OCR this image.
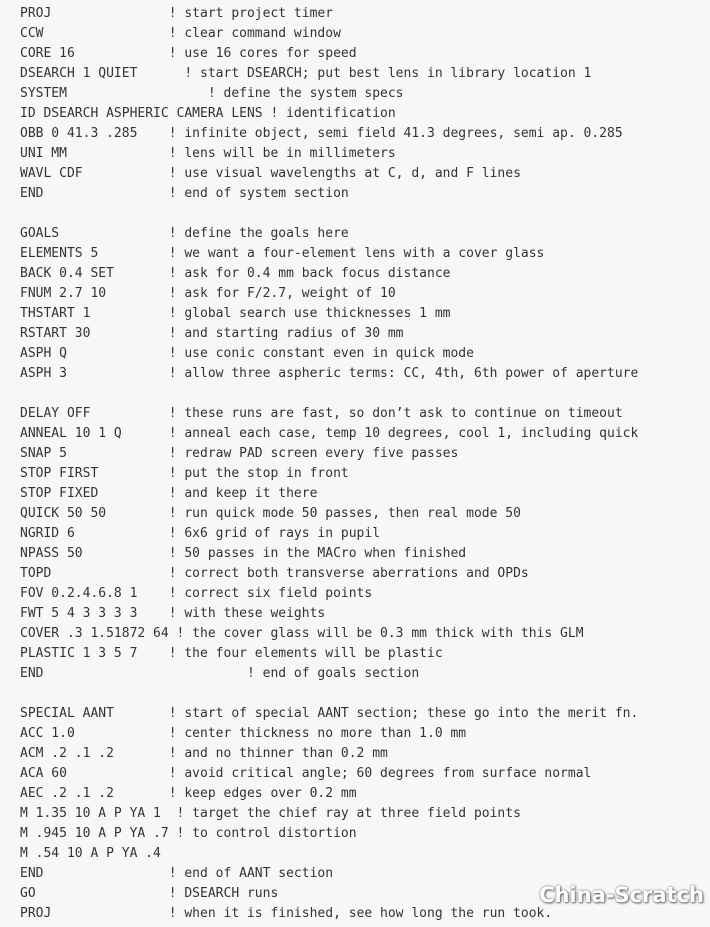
PROJ               ! start project timer
CCW                ! clear command window
CORE 16            ! use 16 cores for speed
DSEARCH 1 QUIET      ! start DSEARCH; put best lens in library location 1
SYSTEM                  ! define the system specs
ID DSEARCH ASPHERIC CAMERA LENS ! identification
OBB 0 41.3 .285    ! infinite object, semi field 41.3 degrees, semi ap. 0.285
UNI MM             ! lens will be in millimeters
WAVL CDF           ! use visual wavelengths at C, d, and F lines
END                ! end of system section
GOALS              ! define the goals here
ELEMENTS 5         ! we want a four-element lens with a cover glass
BACK 0.4 SET       ! ask for 0.4 mm back focus distance
FNUM 2.7 10        ! ask for F/2.7, weight of 10
THSTART 1          ! global search use thicknesses 1 mm
RSTART 30          ! and starting radius of 30 mm
ASPH Q             ! use conic constant even in quick mode
ASPH 3             ! allow three aspheric terms: CC, 4th, 6th power of aperture
DELAY OFF          ! these runs are fast, so don’t ask to continue on timeout
ANNEAL 10 1 Q      ! anneal each case, temp 10 degrees, cool 1, including quick
SNAP 5             ! redraw PAD screen every five passes
STOP FIRST         ! put the stop in front
STOP FIXED         ! and keep it there
QUICK 50 50        ! run quick mode 50 passes, then real mode 50
NGRID 6            ! 6x6 grid of rays in pupil
NPASS 50           ! 50 passes in the MACro when finished
TOPD               ! correct both transverse aberrations and OPDs
FOV 0.2.4.6.8 1    ! correct six field points
FWT 5 4 3 3 3 3    ! with these weights
COVER .3 1.51872 64 ! the cover glass will be 0.3 mm thick with this GLM
PLASTIC 1 3 5 7    ! the four elements will be plastic
END                          ! end of goals section
SPECIAL AANT       ! start of special AANT section; these go into the merit fn.
ACC 1.0            ! center thickness no more than 1.0 mm
ACM .2 .1 .2       ! and no thinner than 0.2 mm
ACA 60             ! avoid critical angle; 60 degrees from surface normal
AEC .2 .1 .2       ! keep edges over 0.2 mm
M 1.35 10 A P YA 1  ! target the chief ray at three field points
M .945 10 A P YA .7 ! to control distortion
M .54 10 A P YA .4
END                ! end of AANT section
GO                 ! DSEARCH runs
PROJ               ! when it is finished, see how long the run took.
China-Scratch
